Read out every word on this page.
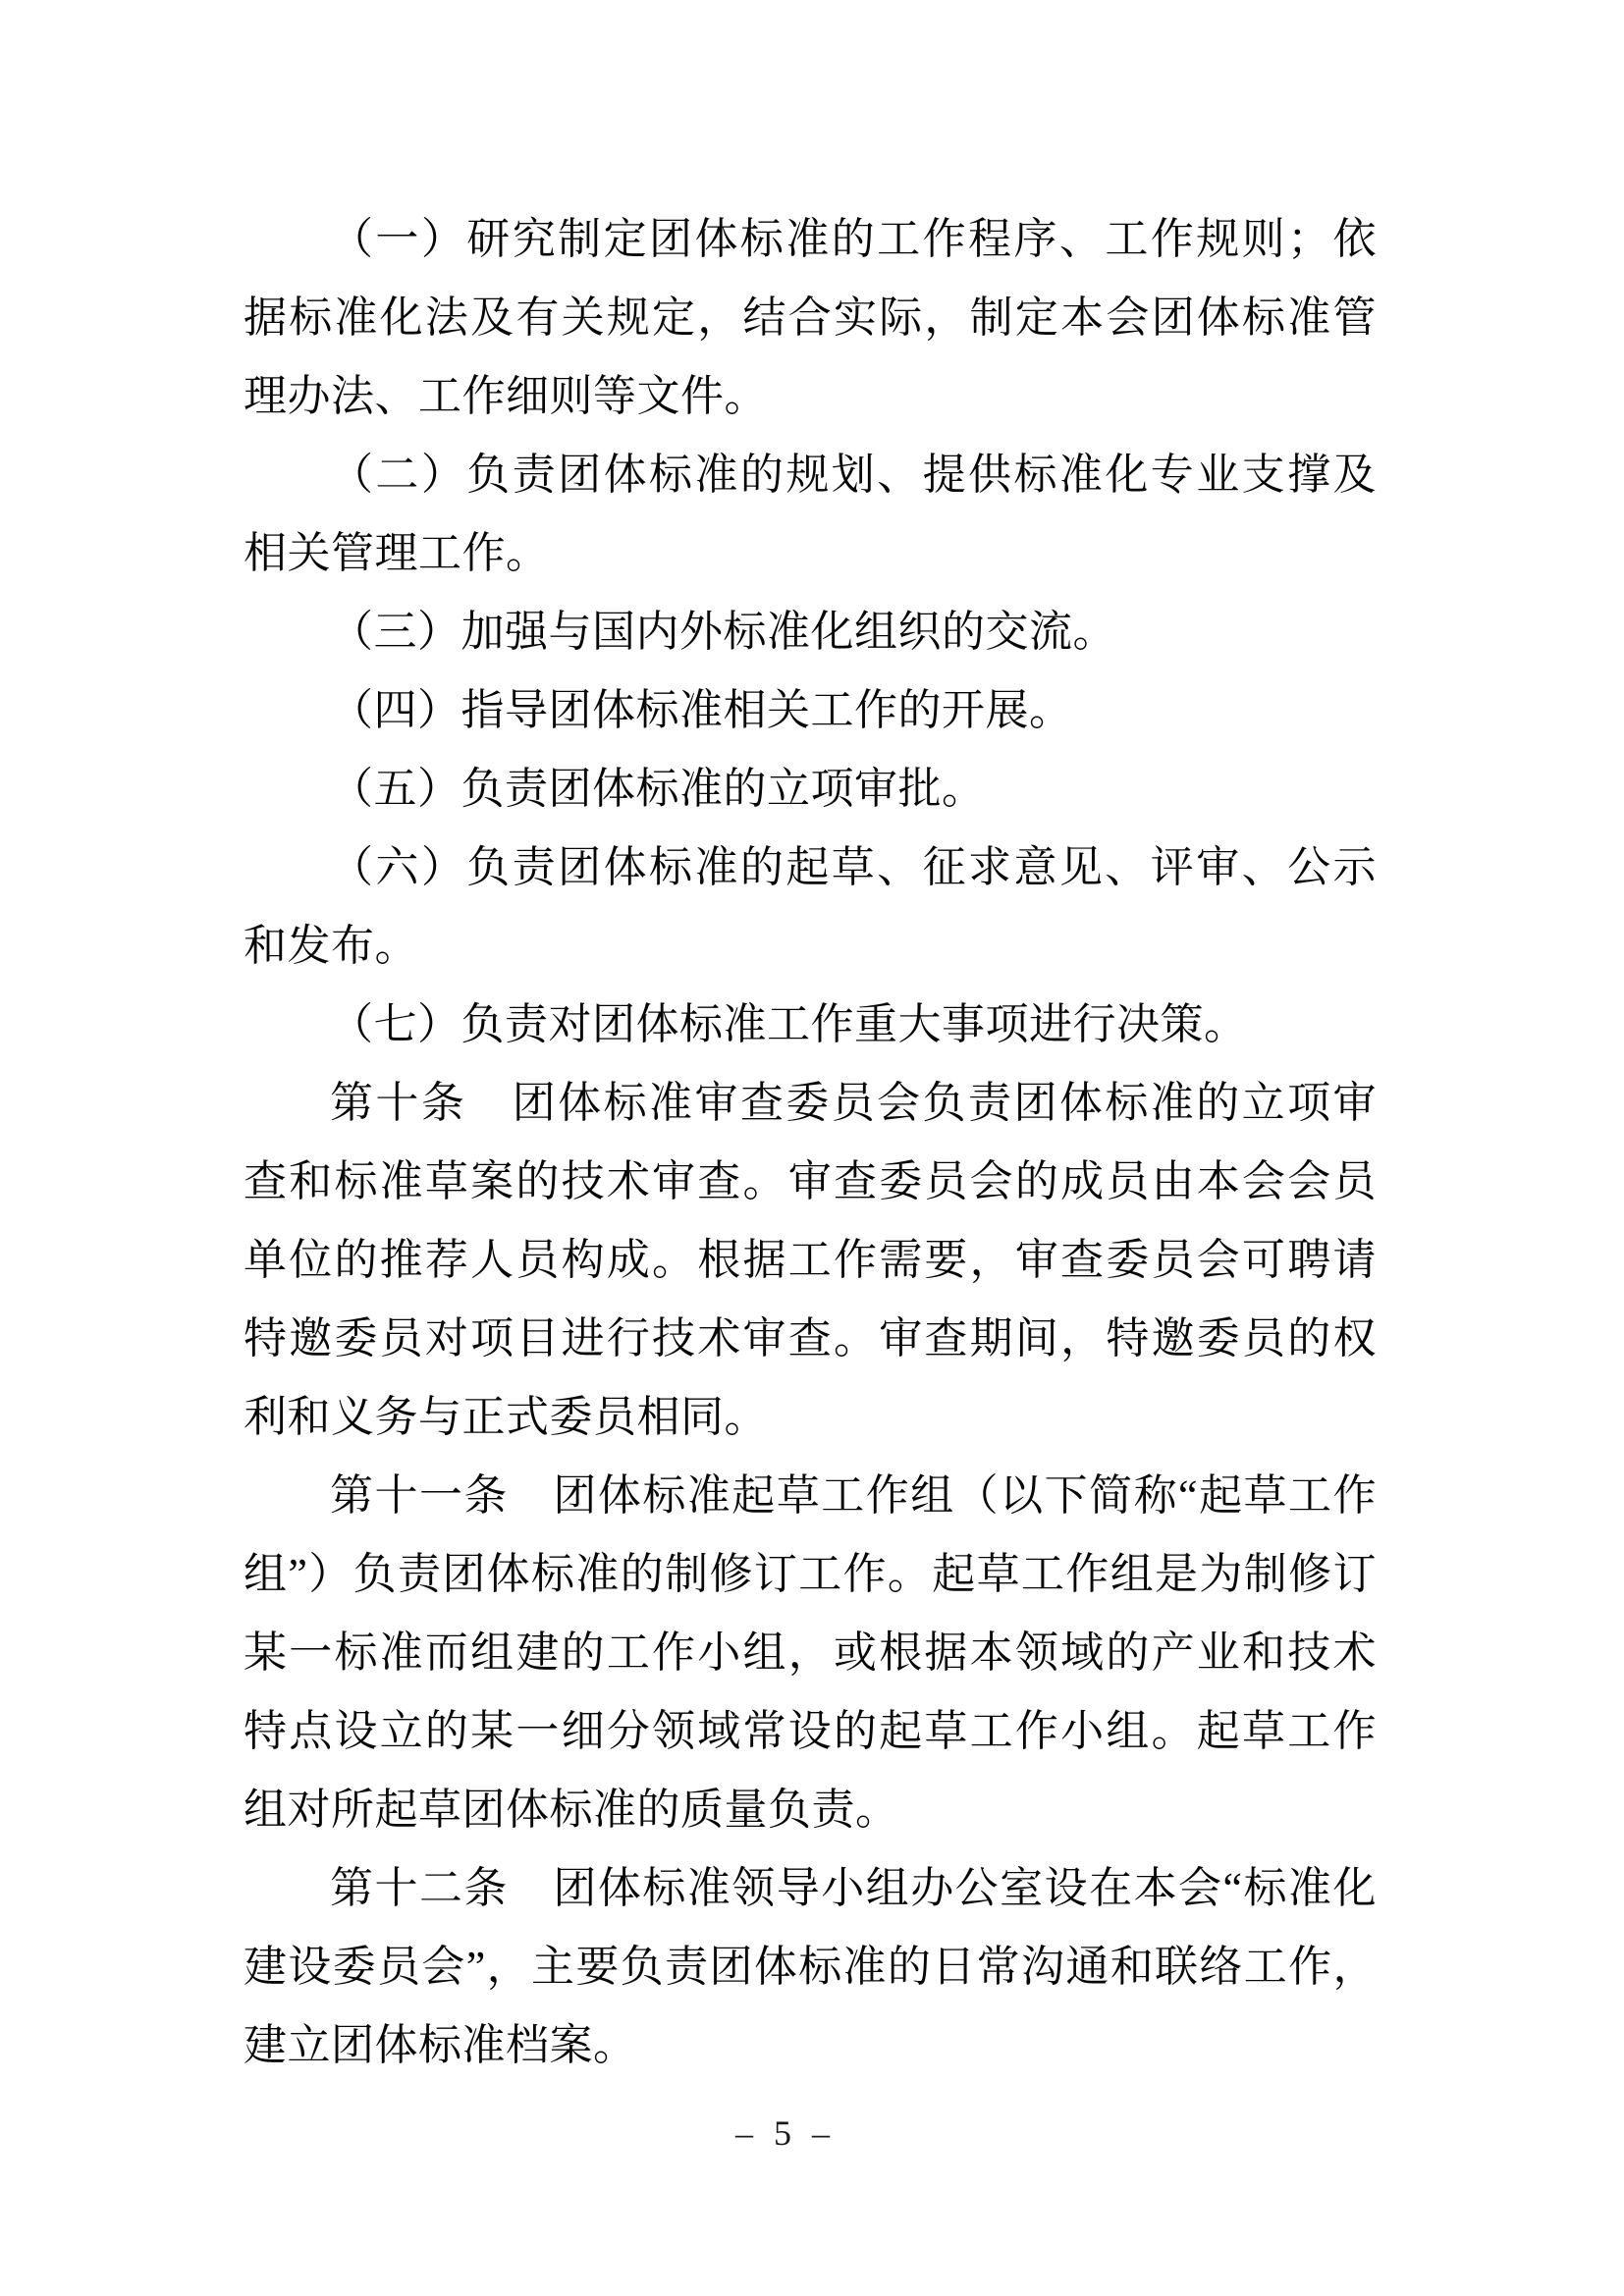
（一）研究制定团体标准的工作程序、工作规则；依据标准化法及有关规定，结合实际，制定本会团体标准管理办法、工作细则等文件。

（二）负责团体标准的规划、提供标准化专业支撑及相关管理工作。

（三）加强与国内外标准化组织的交流。

（四）指导团体标准相关工作的开展。

（五）负责团体标准的立项审批。

（六）负责团体标准的起草、征求意见、评审、公示和发布。

（七）负责对团体标准工作重大事项进行决策。

第十条　团体标准审查委员会负责团体标准的立项审查和标准草案的技术审查。审查委员会的成员由本会会员单位的推荐人员构成。根据工作需要，审查委员会可聘请特邀委员对项目进行技术审查。审查期间，特邀委员的权利和义务与正式委员相同。

第十一条　团体标准起草工作组（以下简称“起草工作组”）负责团体标准的制修订工作。起草工作组是为制修订某一标准而组建的工作小组，或根据本领域的产业和技术特点设立的某一细分领域常设的起草工作小组。起草工作组对所起草团体标准的质量负责。

第十二条　团体标准领导小组办公室设在本会“标准化建设委员会”，主要负责团体标准的日常沟通和联络工作，建立团体标准档案。

– 5 –
